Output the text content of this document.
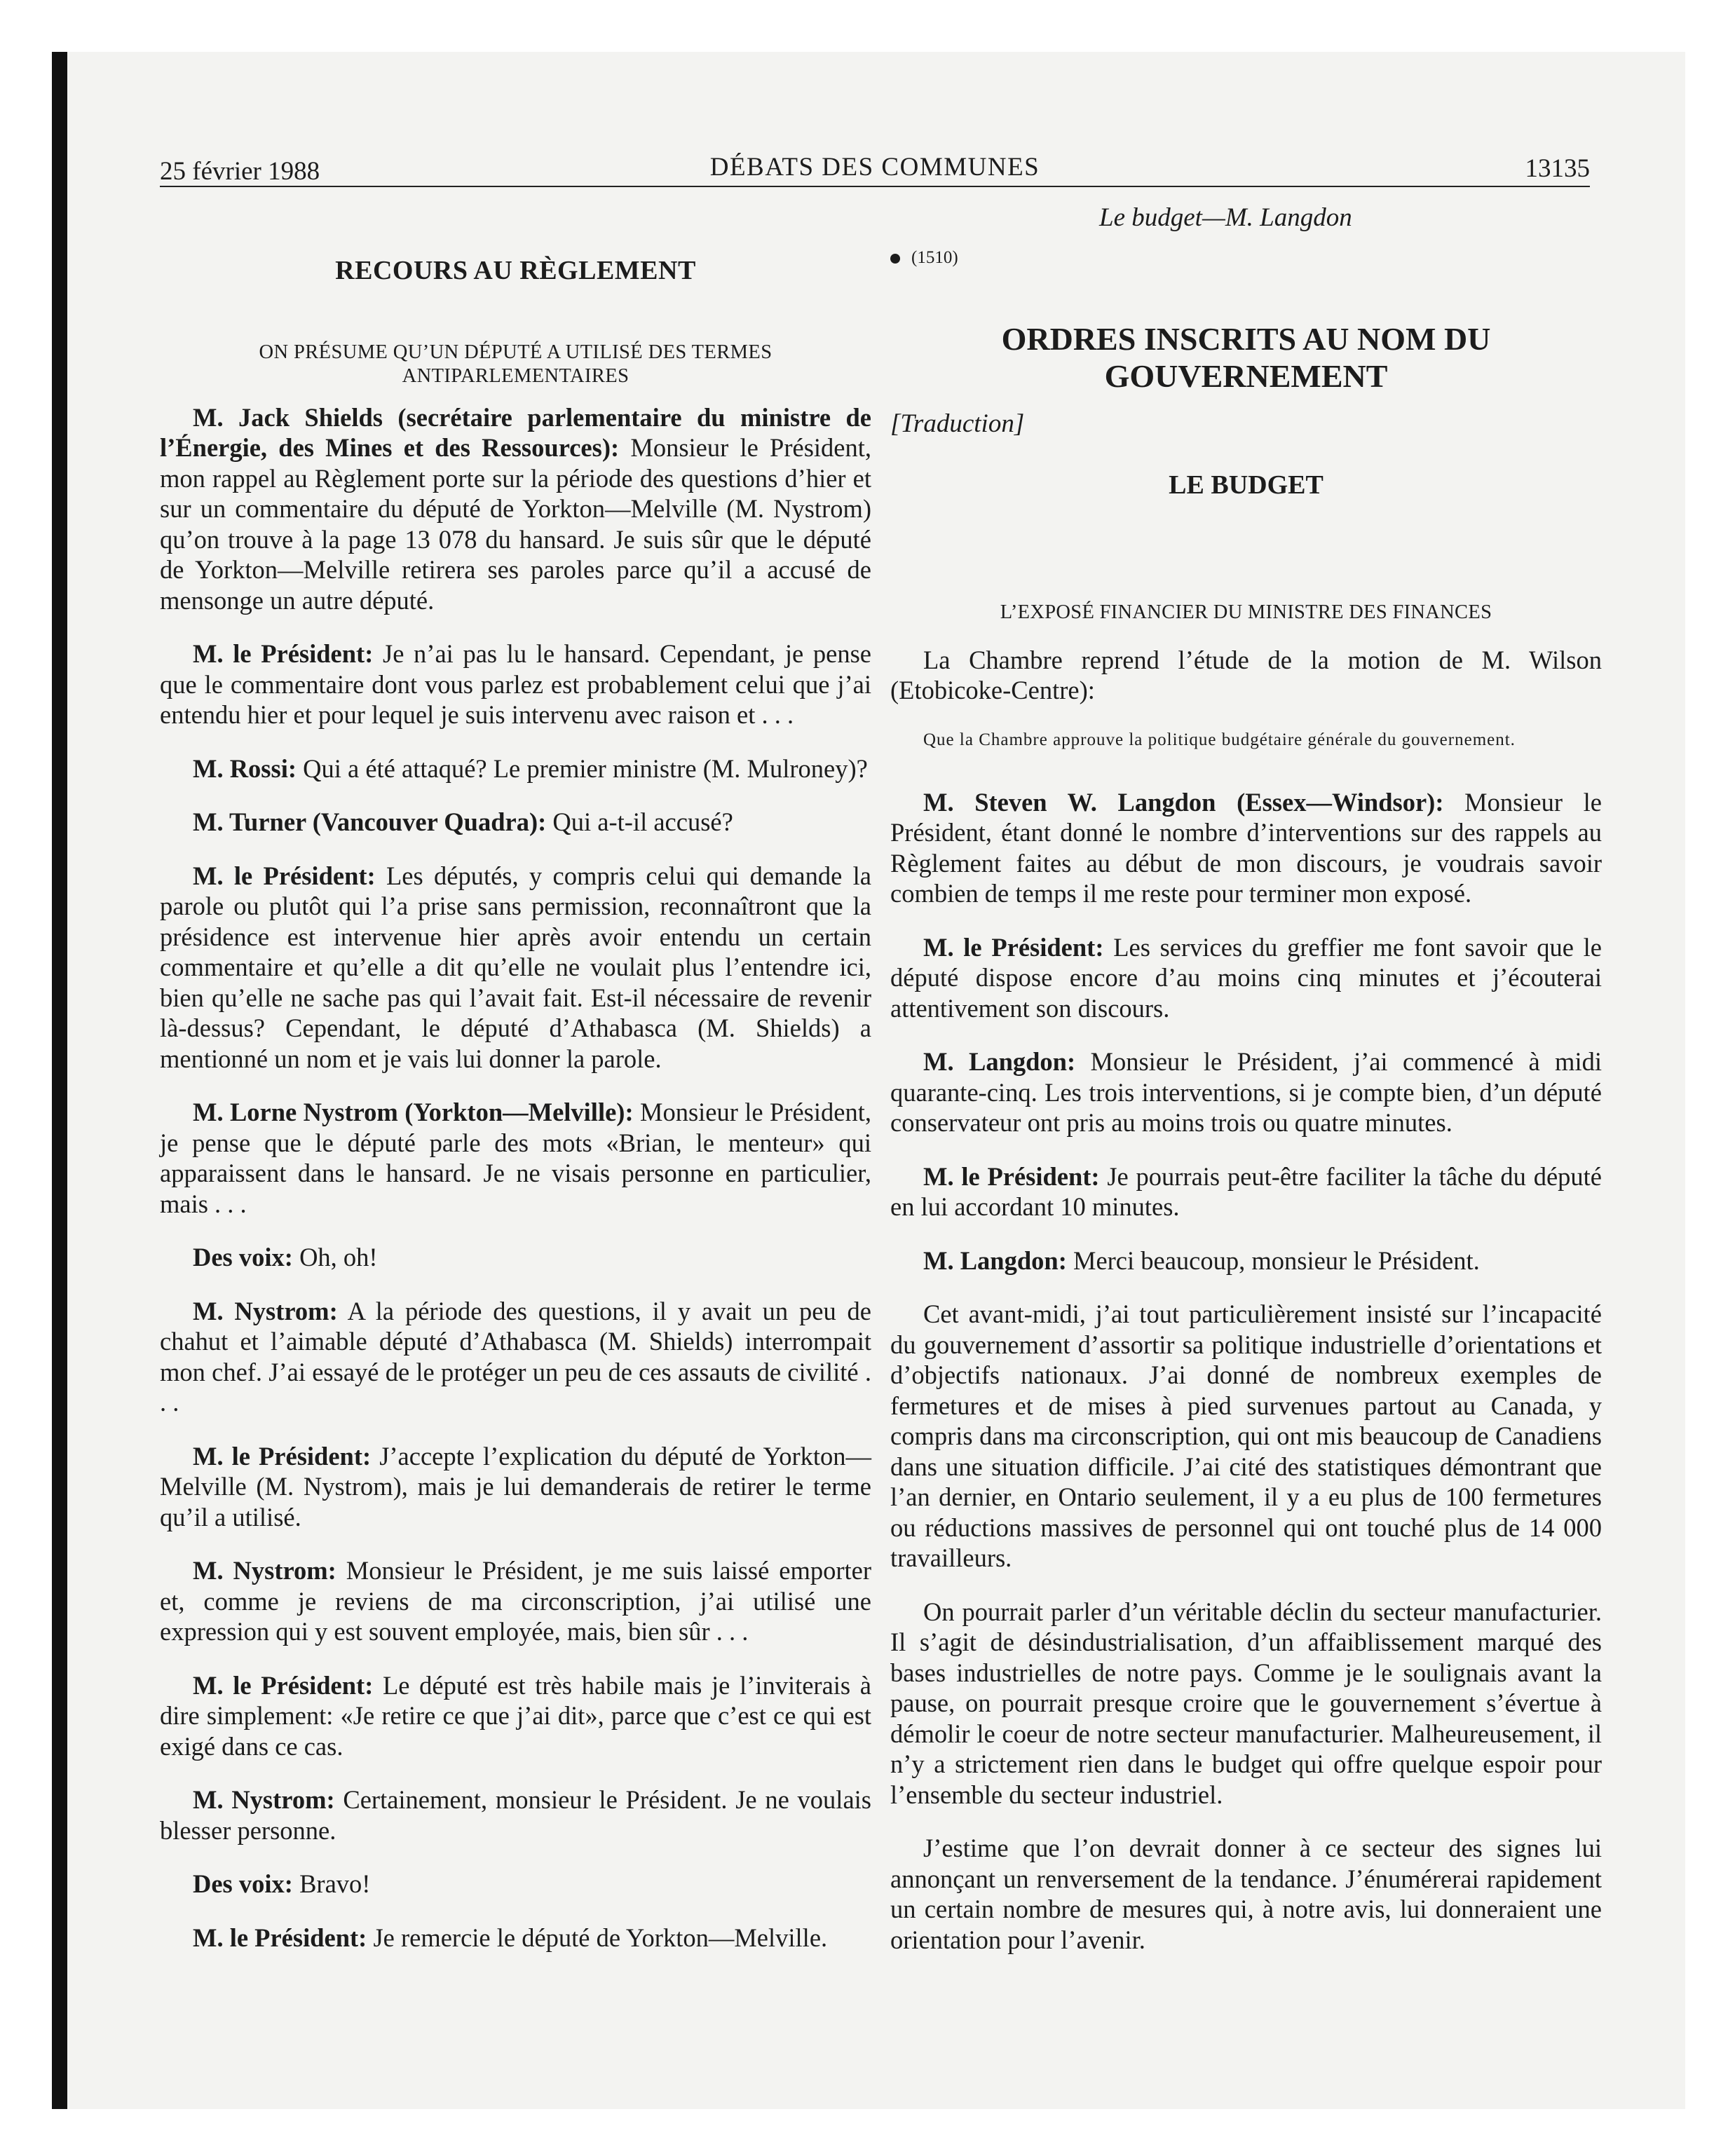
25 février 1988	DÉBATS DES COMMUNES	13135
Le budget—M. Langdon
RECOURS AU RÈGLEMENT
ON PRÉSUME QU’UN DÉPUTÉ A UTILISÉ DES TERMES ANTIPARLEMENTAIRES

M. Jack Shields (secrétaire parlementaire du ministre de l’Énergie, des Mines et des Ressources): Monsieur le Président, mon rappel au Règlement porte sur la période des questions d’hier et sur un commentaire du député de Yorkton—Melville (M. Nystrom) qu’on trouve à la page 13 078 du hansard. Je suis sûr que le député de Yorkton—Melville retirera ses paroles parce qu’il a accusé de mensonge un autre député.

M. le Président: Je n’ai pas lu le hansard. Cependant, je pense que le commentaire dont vous parlez est probablement celui que j’ai entendu hier et pour lequel je suis intervenu avec raison et . . .

M. Rossi: Qui a été attaqué? Le premier ministre (M. Mulroney)?

M. Turner (Vancouver Quadra): Qui a-t-il accusé?

M. le Président: Les députés, y compris celui qui demande la parole ou plutôt qui l’a prise sans permission, reconnaîtront que la présidence est intervenue hier après avoir entendu un certain commentaire et qu’elle a dit qu’elle ne voulait plus l’entendre ici, bien qu’elle ne sache pas qui l’avait fait. Est-il nécessaire de revenir là-dessus? Cependant, le député d’Athabasca (M. Shields) a mentionné un nom et je vais lui donner la parole.

M. Lorne Nystrom (Yorkton—Melville): Monsieur le Président, je pense que le député parle des mots «Brian, le menteur» qui apparaissent dans le hansard. Je ne visais personne en particulier, mais . . .

Des voix: Oh, oh!

M. Nystrom: A la période des questions, il y avait un peu de chahut et l’aimable député d’Athabasca (M. Shields) interrompait mon chef. J’ai essayé de le protéger un peu de ces assauts de civilité . . .

M. le Président: J’accepte l’explication du député de Yorkton—Melville (M. Nystrom), mais je lui demanderais de retirer le terme qu’il a utilisé.

M. Nystrom: Monsieur le Président, je me suis laissé emporter et, comme je reviens de ma circonscription, j’ai utilisé une expression qui y est souvent employée, mais, bien sûr . . .

M. le Président: Le député est très habile mais je l’inviterais à dire simplement: «Je retire ce que j’ai dit», parce que c’est ce qui est exigé dans ce cas.

M. Nystrom: Certainement, monsieur le Président. Je ne voulais blesser personne.

Des voix: Bravo!

M. le Président: Je remercie le député de Yorkton—Melville.

(1510)
ORDRES INSCRITS AU NOM DU GOUVERNEMENT
[Traduction]
LE BUDGET
L’EXPOSÉ FINANCIER DU MINISTRE DES FINANCES

La Chambre reprend l’étude de la motion de M. Wilson (Etobicoke-Centre):

Que la Chambre approuve la politique budgétaire générale du gouvernement.

M. Steven W. Langdon (Essex—Windsor): Monsieur le Président, étant donné le nombre d’interventions sur des rappels au Règlement faites au début de mon discours, je voudrais savoir combien de temps il me reste pour terminer mon exposé.

M. le Président: Les services du greffier me font savoir que le député dispose encore d’au moins cinq minutes et j’écouterai attentivement son discours.

M. Langdon: Monsieur le Président, j’ai commencé à midi quarante-cinq. Les trois interventions, si je compte bien, d’un député conservateur ont pris au moins trois ou quatre minutes.

M. le Président: Je pourrais peut-être faciliter la tâche du député en lui accordant 10 minutes.

M. Langdon: Merci beaucoup, monsieur le Président.

Cet avant-midi, j’ai tout particulièrement insisté sur l’incapacité du gouvernement d’assortir sa politique industrielle d’orientations et d’objectifs nationaux. J’ai donné de nombreux exemples de fermetures et de mises à pied survenues partout au Canada, y compris dans ma circonscription, qui ont mis beaucoup de Canadiens dans une situation difficile. J’ai cité des statistiques démontrant que l’an dernier, en Ontario seulement, il y a eu plus de 100 fermetures ou réductions massives de personnel qui ont touché plus de 14 000 travailleurs.

On pourrait parler d’un véritable déclin du secteur manufacturier. Il s’agit de désindustrialisation, d’un affaiblissement marqué des bases industrielles de notre pays. Comme je le soulignais avant la pause, on pourrait presque croire que le gouvernement s’évertue à démolir le coeur de notre secteur manufacturier. Malheureusement, il n’y a strictement rien dans le budget qui offre quelque espoir pour l’ensemble du secteur industriel.

J’estime que l’on devrait donner à ce secteur des signes lui annonçant un renversement de la tendance. J’énumérerai rapidement un certain nombre de mesures qui, à notre avis, lui donneraient une orientation pour l’avenir.
